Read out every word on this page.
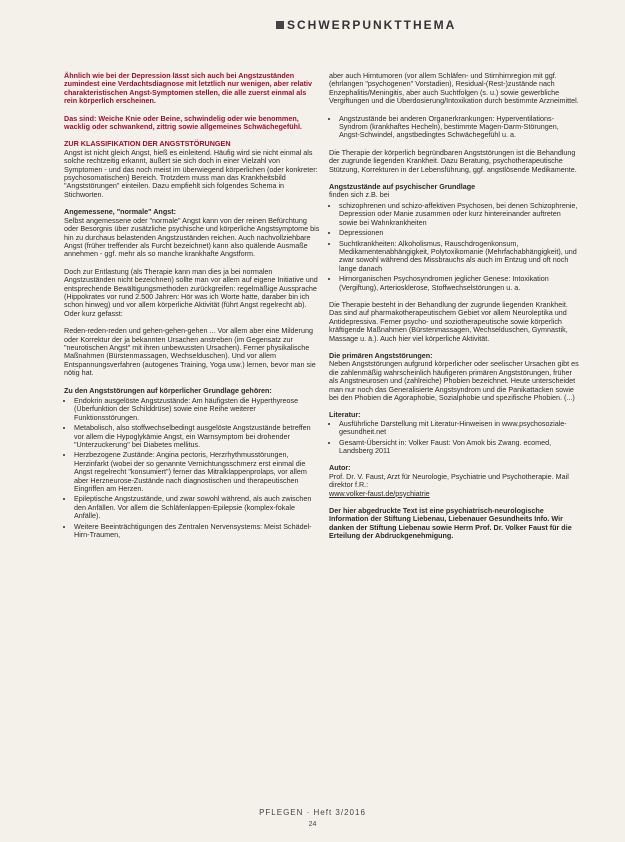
SCHWERPUNKTTHEMA

Ähnlich wie bei der Depression lässt sich auch bei Angstzuständen zumindest eine Verdachtsdiagnose mit letztlich nur wenigen, aber relativ charakteristischen Angst-Symptomen stellen, die alle zuerst einmal als rein körperlich erscheinen.

Das sind: Weiche Knie oder Beine, schwindelig oder wie benommen, wacklig oder schwankend, zittrig sowie allgemeines Schwächegefühl.

ZUR KLASSIFIKATION DER ANGSTSTÖRUNGEN

Angst ist nicht gleich Angst, hieß es einleitend. Häufig wird sie nicht einmal als solche rechtzeitig erkannt, äußert sie sich doch in einer Vielzahl von Symptomen - und das noch meist im überwiegend körperlichen (oder konkreter: psychosomatischen) Bereich. Trotzdem muss man das Krankheitsbild "Angststörungen" einteilen. Dazu empfiehlt sich folgendes Schema in Stichworten.

Angemessene, "normale" Angst:

Selbst angemessene oder "normale" Angst kann von der reinen Befürchtung oder Besorgnis über zusätzliche psychische und körperliche Angstsymptome bis hin zu durchaus belastenden Angstzuständen reichen. Auch nachvollziehbare Angst (früher treffender als Furcht bezeichnet) kann also quälende Ausmaße annehmen - ggf. mehr als so manche krankhafte Angstform.

Doch zur Entlastung (als Therapie kann man dies ja bei normalen Angstzuständen nicht bezeichnen) sollte man vor allem auf eigene Initiative und entsprechende Bewältigungsmethoden zurückgreifen: regelmäßige Aussprache (Hippokrates vor rund 2.500 Jahren: Hör was ich Worte hatte, daraber bin ich schon hinweg) und vor allem körperliche Aktivität (führt Angst regelrecht ab). Oder kurz gefasst:

Reden-reden-reden und gehen-gehen-gehen ... Vor allem aber eine Milderung oder Korrektur der ja bekannten Ursachen anstreben (im Gegensatz zur "neurotischen Angst" mit ihren unbewussten Ursachen). Ferner physikalische Maßnahmen (Bürstenmassagen, Wechselduschen). Und vor allem Entspannungsverfahren (autogenes Training, Yoga usw.) lernen, bevor man sie nötig hat.

Zu den Angststörungen auf körperlicher Grundlage gehören:

• Endokrin ausgelöste Angstzustände: Am häufigsten die Hyperthyreose (Überfunktion der Schilddrüse) sowie eine Reihe weiterer Funktionsstörungen.
• Metabolisch, also stoffwechselbedingt ausgelöste Angstzustände betreffen vor allem die Hypoglykämie Angst, ein Warnsymptom bei drohender "Unterzuckerung" bei Diabetes mellitus.
• Herzbezogene Zustände: Angina pectoris, Herzrhythmusstörungen, Herzinfarkt (wobei der so genannte Vernichtungsschmerz erst einmal die Angst regelrecht "konsumiert") ferner das Mitralklappenprolaps, vor allem aber Herzneurose-Zustände nach diagnostischen und therapeutischen Eingriffen am Herzen.
• Epileptische Angstzustände, und zwar sowohl während, als auch zwischen den Anfällen. Vor allem die Schläfenlappen-Epilepsie (komplex-fokale Anfälle).
• Weitere Beeinträchtigungen des Zentralen Nervensystems: Meist Schädel-Hirn-Traumen,

aber auch Hirntumoren (vor allem Schläfen- und Stirnhirnregion mit ggf. (ehrlangen "psychogenen" Vorstadien), Residual-(Rest-)zustände nach Enzephalitis/Meningitis, aber auch Suchtfolgen (s. u.) sowie gewerbliche Vergiftungen und die Überdosierung/Intoxikation durch bestimmte Arzneimittel.

• Angstzustände bei anderen Organerkrankungen: Hyperventilations-Syndrom (krankhaftes Hecheln), bestimmte Magen-Darm-Störungen, Angst-Schwindel, angstbedingtes Schwächegefühl u. a.

Die Therapie der körperlich begründbaren Angststörungen ist die Behandlung der zugrunde liegenden Krankheit. Dazu Beratung, psychotherapeutische Stützung, Korrekturen in der Lebensführung, ggf. angstlösende Medikamente.

Angstzustände auf psychischer Grundlage

finden sich z.B. bei

• schizophrenen und schizo-affektiven Psychosen, bei denen Schizophrenie, Depression oder Manie zusammen oder kurz hintereinander auftreten sowie bei Wahnkrankheiten
• Depressionen
• Suchtkrankheiten: Alkoholismus, Rauschdrogenkonsum, Medikamentenabhängigkeit, Polytoxikomanie (Mehrfachabhängigkeit), und zwar sowohl während des Missbrauchs als auch im Entzug und oft noch lange danach
• Hirnorganischen Psychosyndromen jeglicher Genese: Intoxikation (Vergiftung), Arteriosklerose, Stoffwechselstörungen u. a.

Die Therapie besteht in der Behandlung der zugrunde liegenden Krankheit. Das sind auf pharmakotherapeutischem Gebiet vor allem Neuroleptika und Antidepressiva. Ferner psycho- und soziotherapeutische sowie körperlich kräftigende Maßnahmen (Bürstenmassagen, Wechselduschen, Gymnastik, Massage u. ä.). Auch hier viel körperliche Aktivität.

Die primären Angststörungen:

Neben Angststörungen aufgrund körperlicher oder seelischer Ursachen gibt es die zahlenmäßig wahrscheinlich häufigeren primären Angststörungen, früher als Angstneurosen und (zahlreiche) Phobien bezeichnet. Heute unterscheidet man nur noch das Generalisierte Angstsyndrom und die Panikattacken sowie bei den Phobien die Agoraphobie, Sozialphobie und spezifische Phobien. (...)

Literatur:

• Ausführliche Darstellung mit Literatur-Hinweisen in www.psychosoziale-gesundheit.net
• Gesamt-Übersicht in: Volker Faust: Von Amok bis Zwang. ecomed, Landsberg 2011

Autor:

Prof. Dr. V. Faust, Arzt für Neurologie, Psychiatrie und Psychotherapie. Mail direktor f.R.:
www.volker-faust.de/psychiatrie

Der hier abgedruckte Text ist eine psychiatrisch-neurologische Information der Stiftung Liebenau, Liebenauer Gesundheits Info. Wir danken der Stiftung Liebenau sowie Herrn Prof. Dr. Volker Faust für die Erteilung der Abdruckgenehmigung.

PFLEGEN · Heft 3/2016
24
